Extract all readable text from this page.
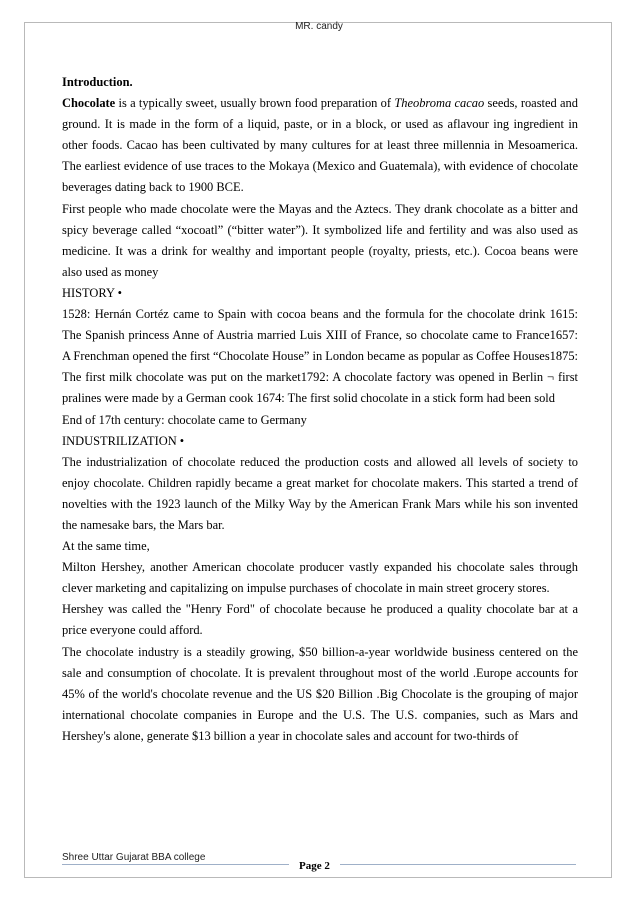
MR. candy

Introduction.

Chocolate is a typically sweet, usually brown food preparation of Theobroma cacao seeds, roasted and ground. It is made in the form of a liquid, paste, or in a block, or used as aflavour ing ingredient in other foods. Cacao has been cultivated by many cultures for at least three millennia in Mesoamerica. The earliest evidence of use traces to the Mokaya (Mexico and Guatemala), with evidence of chocolate beverages dating back to 1900 BCE.

First people who made chocolate were the Mayas and the Aztecs. They drank chocolate as a bitter and spicy beverage called “xocoatl” (“bitter water”). It symbolized life and fertility and was also used as medicine. It was a drink for wealthy and important people (royalty, priests, etc.). Cocoa beans were also used as money

HISTORY •

1528: Hernán Cortéz came to Spain with cocoa beans and the formula for the chocolate drink 1615: The Spanish princess Anne of Austria married Luis XIII of France, so chocolate came to France1657: A Frenchman opened the first “Chocolate House” in London became as popular as Coffee Houses1875: The first milk chocolate was put on the market1792: A chocolate factory was opened in Berlin ¬ first pralines were made by a German cook 1674: The first solid chocolate in a stick form had been sold

End of 17th century: chocolate came to Germany

INDUSTRILIZATION •

The industrialization of chocolate reduced the production costs and allowed all levels of society to enjoy chocolate. Children rapidly became a great market for chocolate makers. This started a trend of novelties with the 1923 launch of the Milky Way by the American Frank Mars while his son invented the namesake bars, the Mars bar.

At the same time,

Milton Hershey, another American chocolate producer vastly expanded his chocolate sales through clever marketing and capitalizing on impulse purchases of chocolate in main street grocery stores.

Hershey was called the "Henry Ford" of chocolate because he produced a quality chocolate bar at a price everyone could afford.

The chocolate industry is a steadily growing, $50 billion-a-year worldwide business centered on the sale and consumption of chocolate. It is prevalent throughout most of the world .Europe accounts for 45% of the world's chocolate revenue and the US $20 Billion .Big Chocolate is the grouping of major international chocolate companies in Europe and the U.S. The U.S. companies, such as Mars and Hershey's alone, generate $13 billion a year in chocolate sales and account for two-thirds of

Shree Uttar Gujarat BBA college
Page 2
